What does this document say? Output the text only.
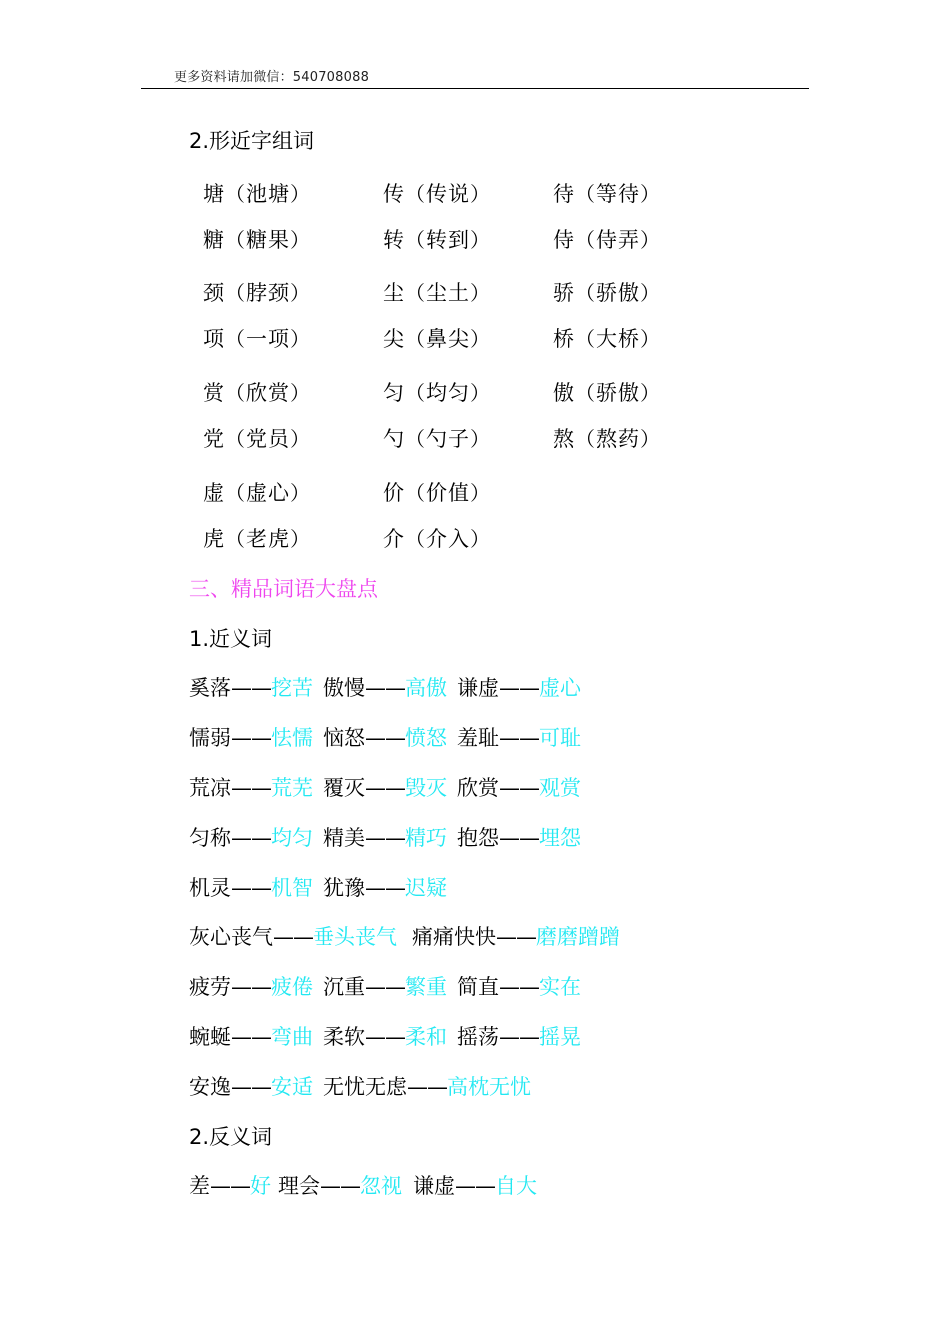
更多资料请加微信：540708088
2.形近字组词
塘（池塘）	传（传说）	待（等待）
糖（糖果）	转（转到）	侍（侍弄）
颈（脖颈）	尘（尘土）	骄（骄傲）
项（一项）	尖（鼻尖）	桥（大桥）
赏（欣赏）	匀（均匀）	傲（骄傲）
党（党员）	勺（勺子）	熬（熬药）
虚（虚心）	价（价值）
虎（老虎）	介（介入）
三、精品词语大盘点
1.近义词
奚落——挖苦 傲慢——高傲 谦虚——虚心
懦弱——怯懦 恼怒——愤怒 羞耻——可耻
荒凉——荒芜 覆灭——毁灭 欣赏——观赏
匀称——均匀 精美——精巧 抱怨——埋怨
机灵——机智 犹豫——迟疑
灰心丧气——垂头丧气 痛痛快快——磨磨蹭蹭
疲劳——疲倦 沉重——繁重 简直——实在
蜿蜒——弯曲 柔软——柔和 摇荡——摇晃
安逸——安适 无忧无虑——高枕无忧
2.反义词
差——好 理会——忽视 谦虚——自大
